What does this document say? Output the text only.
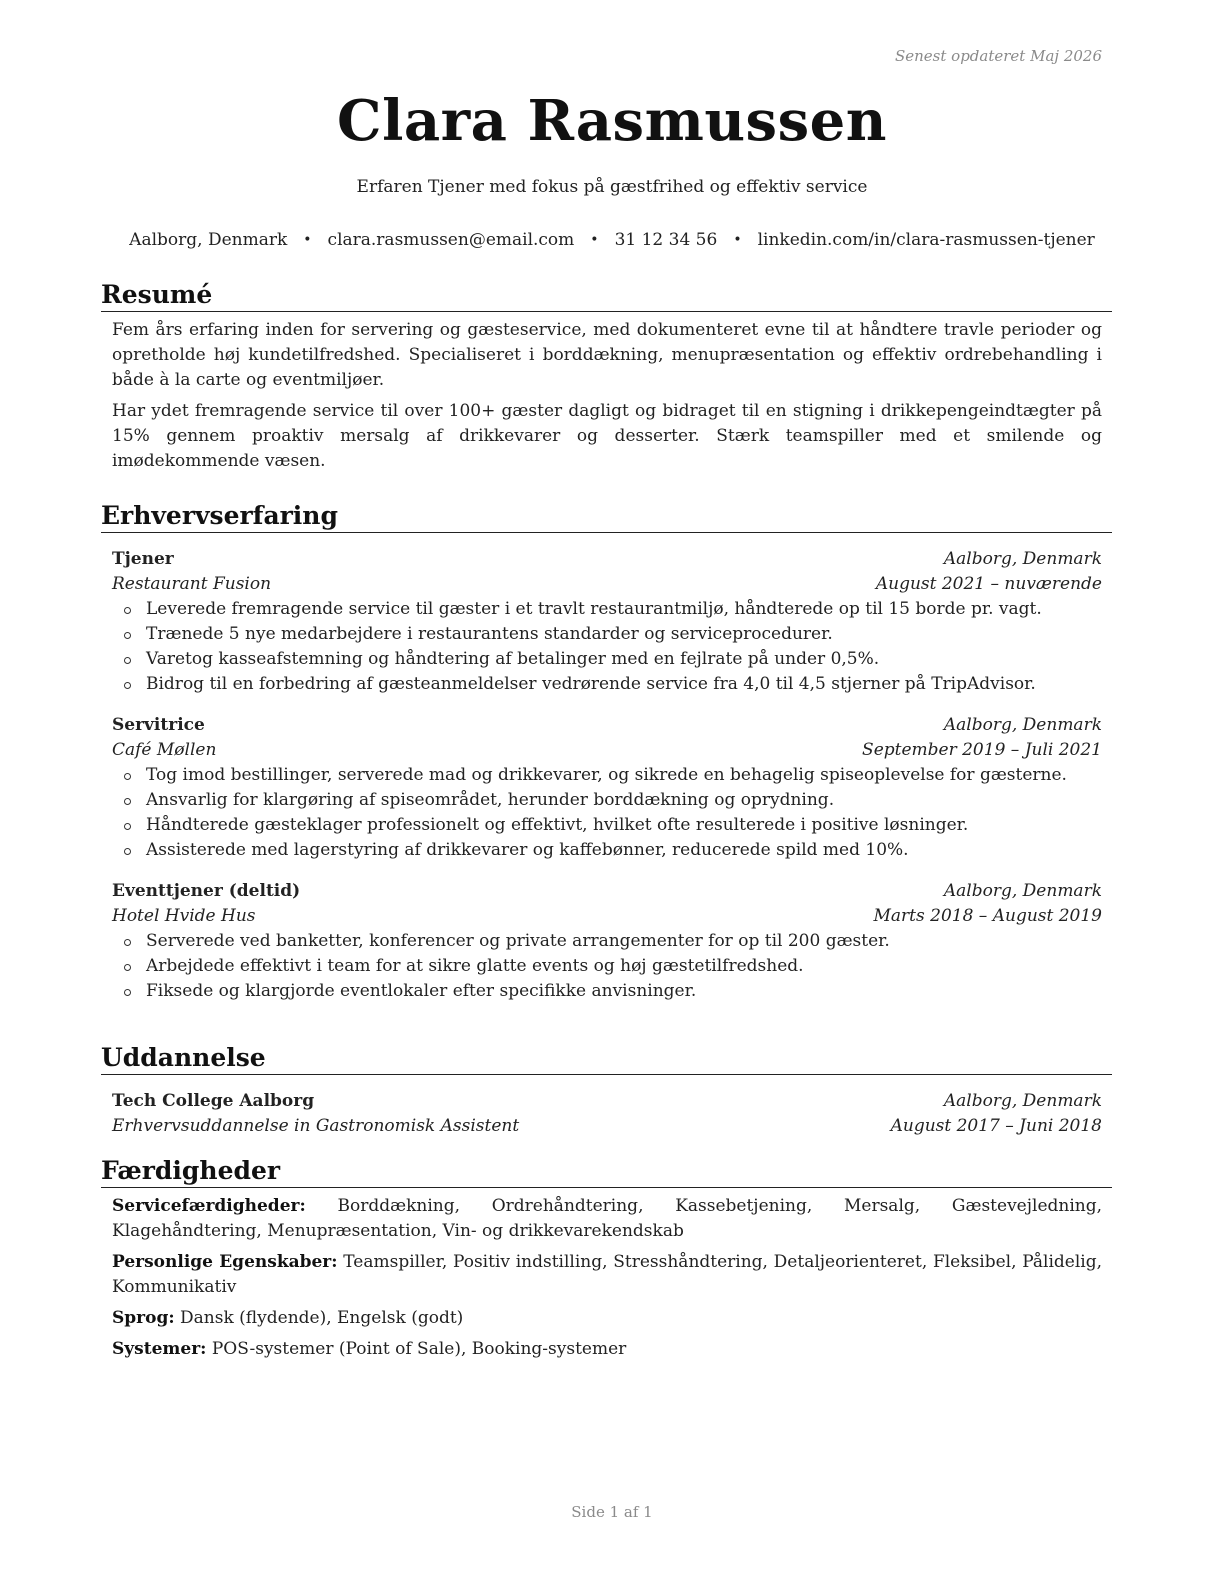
Senest opdateret Maj 2026
Clara Rasmussen
Erfaren Tjener med fokus på gæstfrihed og effektiv service
Aalborg, Denmark • clara.rasmussen@email.com • 31 12 34 56 • linkedin.com/in/clara-rasmussen-tjener
Resumé

Fem års erfaring inden for servering og gæsteservice, med dokumenteret evne til at håndtere travle perioder og opretholde høj kundetilfredshed. Specialiseret i borddækning, menupræsentation og effektiv ordrebehandling i både à la carte og eventmiljøer.

Har ydet fremragende service til over 100+ gæster dagligt og bidraget til en stigning i drikkepengeindtægter på 15% gennem proaktiv mersalg af drikkevarer og desserter. Stærk teamspiller med et smilende og imødekommende væsen.

Erhvervserfaring
Tjener	Aalborg, Denmark
Restaurant Fusion	August 2021 – nuværende
Leverede fremragende service til gæster i et travlt restaurantmiljø, håndterede op til 15 borde pr. vagt.
Trænede 5 nye medarbejdere i restaurantens standarder og serviceprocedurer.
Varetog kasseafstemning og håndtering af betalinger med en fejlrate på under 0,5%.
Bidrog til en forbedring af gæsteanmeldelser vedrørende service fra 4,0 til 4,5 stjerner på TripAdvisor.
Servitrice	Aalborg, Denmark
Café Møllen	September 2019 – Juli 2021
Tog imod bestillinger, serverede mad og drikkevarer, og sikrede en behagelig spiseoplevelse for gæsterne.
Ansvarlig for klargøring af spiseområdet, herunder borddækning og oprydning.
Håndterede gæsteklager professionelt og effektivt, hvilket ofte resulterede i positive løsninger.
Assisterede med lagerstyring af drikkevarer og kaffebønner, reducerede spild med 10%.
Eventtjener (deltid)	Aalborg, Denmark
Hotel Hvide Hus	Marts 2018 – August 2019
Serverede ved banketter, konferencer og private arrangementer for op til 200 gæster.
Arbejdede effektivt i team for at sikre glatte events og høj gæstetilfredshed.
Fiksede og klargjorde eventlokaler efter specifikke anvisninger.
Uddannelse
Tech College Aalborg	Aalborg, Denmark
Erhvervsuddannelse in Gastronomisk Assistent	August 2017 – Juni 2018
Færdigheder
Servicefærdigheder: Borddækning, Ordrehåndtering, Kassebetjening, Mersalg, Gæstevejledning, Klagehåndtering, Menupræsentation, Vin- og drikkevarekendskab
Personlige Egenskaber: Teamspiller, Positiv indstilling, Stresshåndtering, Detaljeorienteret, Fleksibel, Pålidelig, Kommunikativ
Sprog: Dansk (flydende), Engelsk (godt)
Systemer: POS-systemer (Point of Sale), Booking-systemer
Side 1 af 1
